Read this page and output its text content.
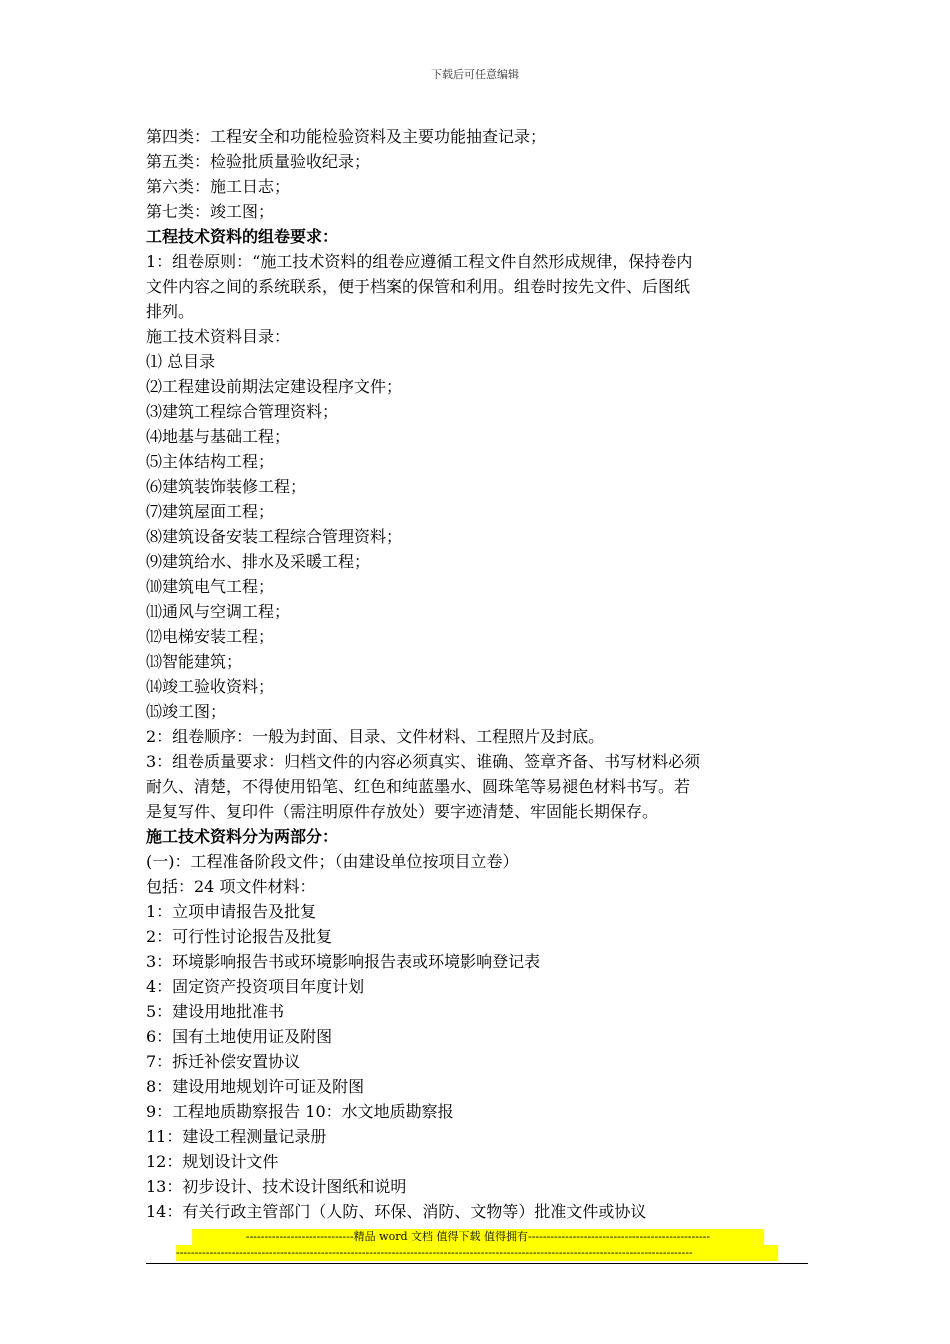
下载后可任意编辑
第四类：工程安全和功能检验资料及主要功能抽查记录；
第五类：检验批质量验收纪录；
第六类：施工日志；
第七类：竣工图；
工程技术资料的组卷要求：
1：组卷原则：“施工技术资料的组卷应遵循工程文件自然形成规律，保持卷内
文件内容之间的系统联系，便于档案的保管和利用。组卷时按先文件、后图纸
排列。
施工技术资料目录：
⑴ 总目录
⑵工程建设前期法定建设程序文件；
⑶建筑工程综合管理资料；
⑷地基与基础工程；
⑸主体结构工程；
⑹建筑装饰装修工程；
⑺建筑屋面工程；
⑻建筑设备安装工程综合管理资料；
⑼建筑给水、排水及采暖工程；
⑽建筑电气工程；
⑾通风与空调工程；
⑿电梯安装工程；
⒀智能建筑；
⒁竣工验收资料；
⒂竣工图；
2：组卷顺序：一般为封面、目录、文件材料、工程照片及封底。
3：组卷质量要求：归档文件的内容必须真实、谁确、签章齐备、书写材料必须
耐久、清楚，不得使用铅笔、红色和纯蓝墨水、圆珠笔等易褪色材料书写。若
是复写件、复印件（需注明原件存放处）要字迹清楚、牢固能长期保存。
施工技术资料分为两部分：
(一)：工程准备阶段文件；（由建设单位按项目立卷）
包括：24 项文件材料：
1：立项申请报告及批复
2：可行性讨论报告及批复
3：环境影响报告书或环境影响报告表或环境影响登记表
4：固定资产投资项目年度计划
5：建设用地批准书
6：国有土地使用证及附图
7：拆迁补偿安置协议
8：建设用地规划许可证及附图
9：工程地质勘察报告 10：水文地质勘察报
11：建设工程测量记录册
12：规划设计文件
13：初步设计、技术设计图纸和说明
14：有关行政主管部门（人防、环保、消防、文物等）批准文件或协议
-----------------------------精品 word 文档 值得下载 值得拥有-------------------------------------------------
-------------------------------------------------------------------------------------------------------------------------------------------
